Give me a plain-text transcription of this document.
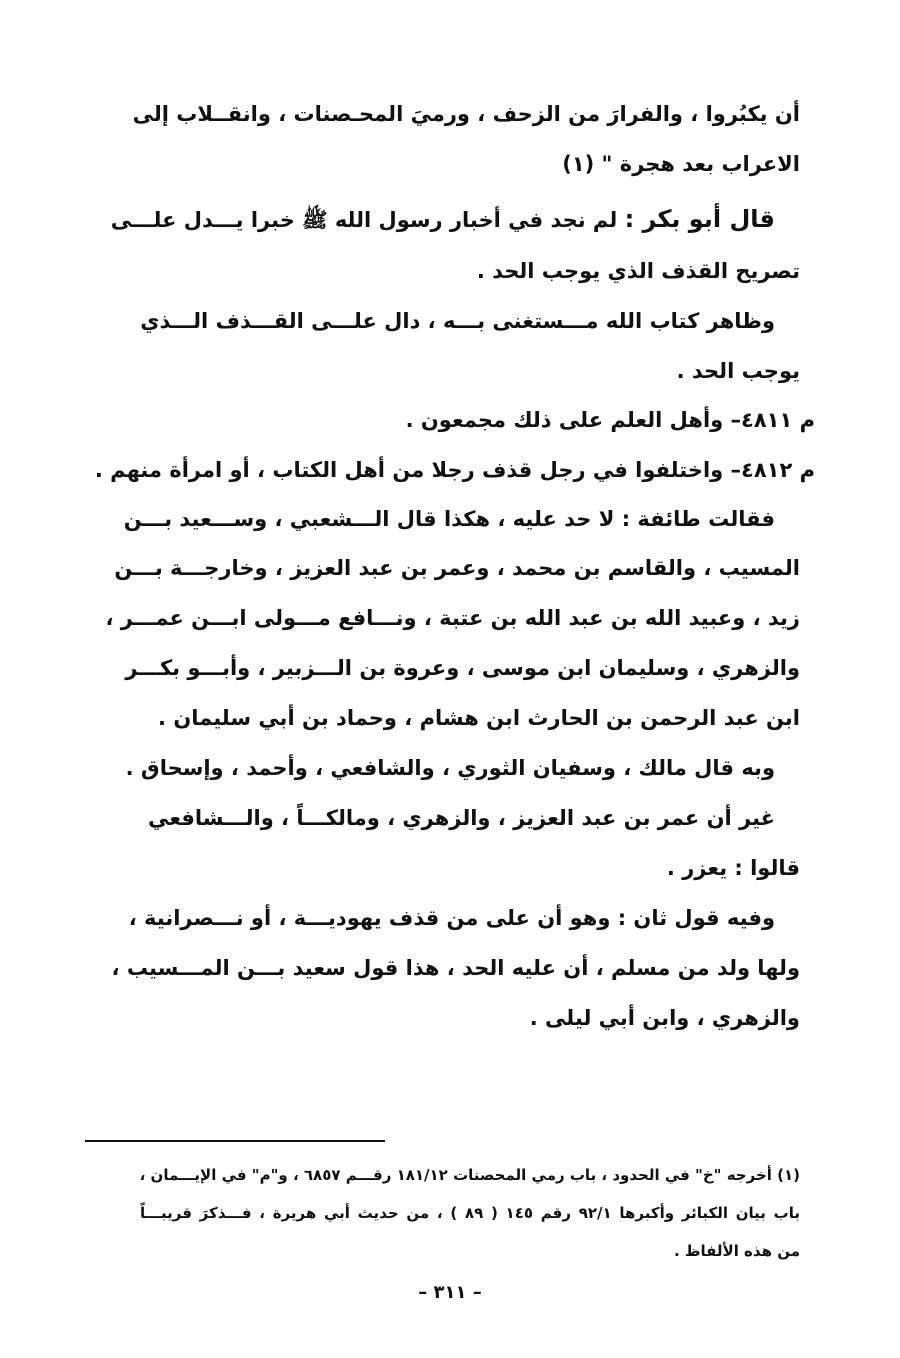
أن يكبُروا ، والفرارَ من الزحف ، ورميَ المحـصنات ، وانقــلاب إلى
الاعراب بعد هجرة " (١)
قال أبو بكر : لم نجد في أخبار رسول الله ﷺ خبرا يـــدل علـــى
تصريح القذف الذي يوجب الحد .
وظاهر كتاب الله مـــستغنى بـــه ، دال علـــى القـــذف الـــذي
يوجب الحد .
م ٤٨١١– وأهل العلم على ذلك مجمعون .
م ٤٨١٢– واختلفوا في رجل قذف رجلا من أهل الكتاب ، أو امرأة منهم .
فقالت طائفة : لا حد عليه ، هكذا قال الـــشعبي ، وســـعيد بـــن
المسيب ، والقاسم بن محمد ، وعمر بن عبد العزيز ، وخارجـــة بـــن
زيد ، وعبيد الله بن عبد الله بن عتبة ، ونـــافع مـــولى ابـــن عمـــر ،
والزهري ، وسليمان ابن موسى ، وعروة بن الـــزبير ، وأبـــو بكـــر
ابن عبد الرحمن بن الحارث ابن هشام ، وحماد بن أبي سليمان .
وبه قال مالك ، وسفيان الثوري ، والشافعي ، وأحمد ، وإسحاق .
غير أن عمر بن عبد العزيز ، والزهري ، ومالكـــاً ، والـــشافعي
قالوا : يعزر .
وفيه قول ثان : وهو أن على من قذف يهوديـــة ، أو نـــصرانية ،
ولها ولد من مسلم ، أن عليه الحد ، هذا قول سعيد بـــن المـــسيب ،
والزهري ، وابن أبي ليلى .
(١) أخرجه "خ" في الحدود ، باب رمي المحصنات ١٨١/١٢ رقـــم ٦٨٥٧ ، و"م" في الإيـــمان ،
باب بيان الكبائر وأكبرها ٩٢/١ رقم ١٤٥ ( ٨٩ ) ، من حديث أبي هريرة ، فـــذكرَ قريبـــاً
من هذه الألفاظ .
– ٣١١ –
